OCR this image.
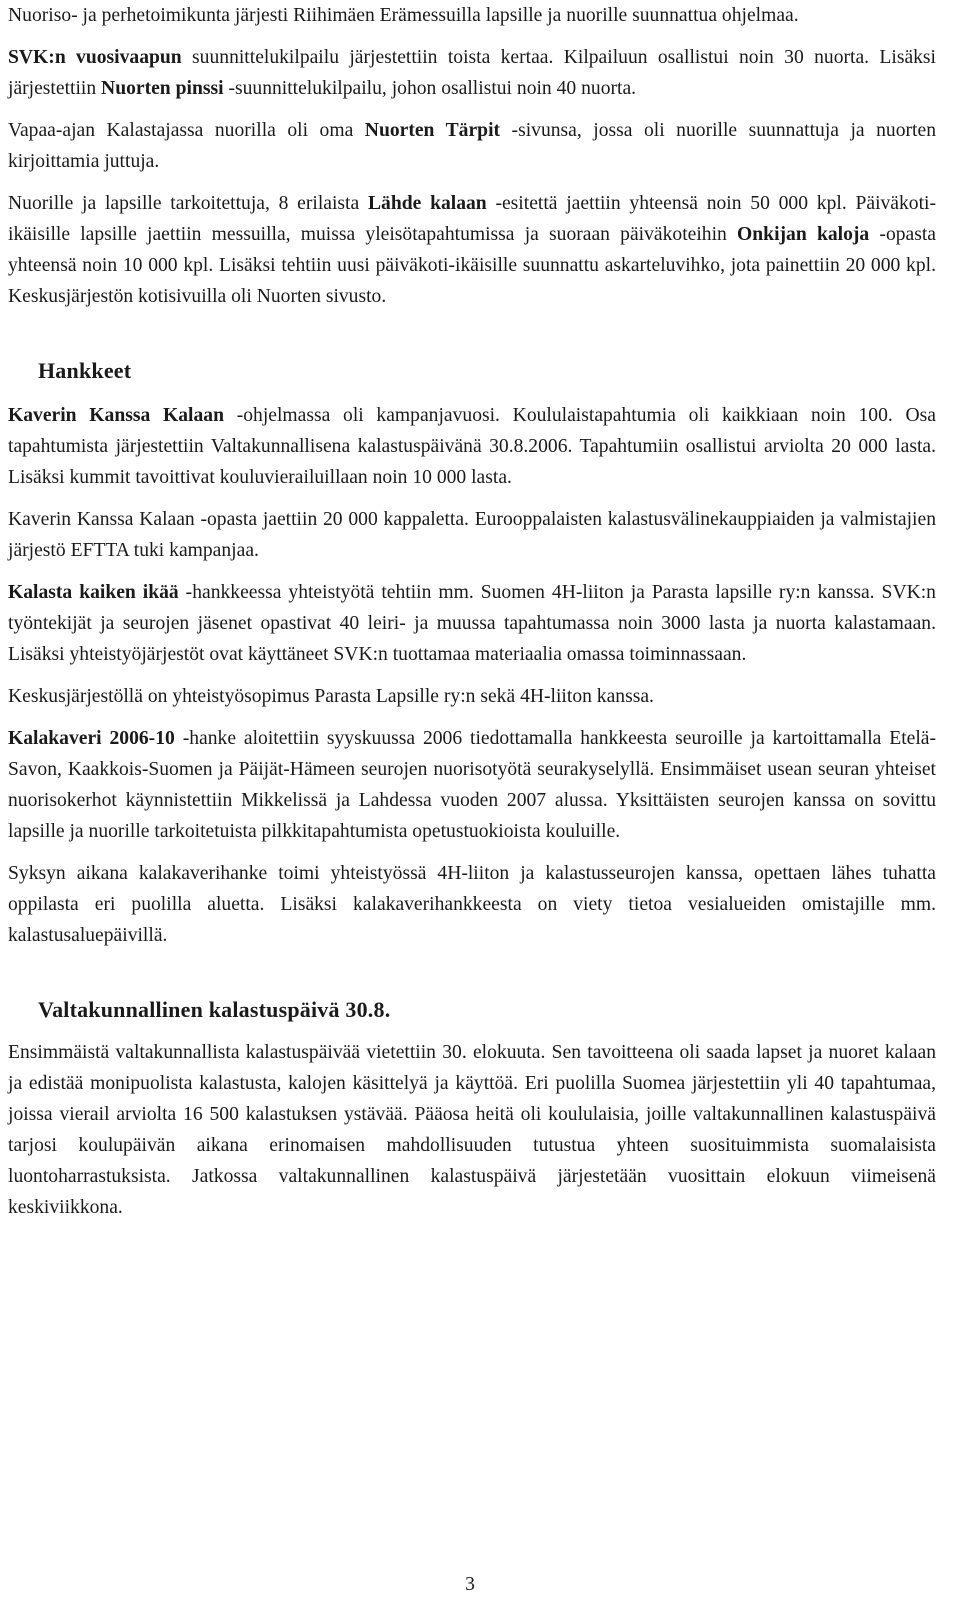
Nuoriso- ja perhetoimikunta järjesti Riihimäen Erämessuilla lapsille ja nuorille suunnattua ohjelmaa.

SVK:n vuosivaapun suunnittelukilpailu järjestettiin toista kertaa. Kilpailuun osallistui noin 30 nuorta. Lisäksi järjestettiin Nuorten pinssi -suunnittelukilpailu, johon osallistui noin 40 nuorta.

Vapaa-ajan Kalastajassa nuorilla oli oma Nuorten Tärpit -sivunsa, jossa oli nuorille suunnattuja ja nuorten kirjoittamia juttuja.

Nuorille ja lapsille tarkoitettuja, 8 erilaista Lähde kalaan -esitettä jaettiin yhteensä noin 50 000 kpl. Päiväkoti-ikäisille lapsille jaettiin messuilla, muissa yleisötapahtumissa ja suoraan päiväkoteihin Onkijan kaloja -opasta yhteensä noin 10 000 kpl. Lisäksi tehtiin uusi päiväkoti-ikäisille suunnattu askarteluvihko, jota painettiin 20 000 kpl. Keskusjärjestön kotisivuilla oli Nuorten sivusto.

Hankkeet

Kaverin Kanssa Kalaan -ohjelmassa oli kampanjavuosi. Koululaistapahtumia oli kaikkiaan noin 100. Osa tapahtumista järjestettiin Valtakunnallisena kalastuspäivänä 30.8.2006. Tapahtumiin osallistui arviolta 20 000 lasta. Lisäksi kummit tavoittivat kouluvierailuillaan noin 10 000 lasta.

Kaverin Kanssa Kalaan -opasta jaettiin 20 000 kappaletta. Eurooppalaisten kalastusvälinekauppiaiden ja valmistajien järjestö EFTTA tuki kampanjaa.

Kalasta kaiken ikää -hankkeessa yhteistyötä tehtiin mm. Suomen 4H-liiton ja Parasta lapsille ry:n kanssa. SVK:n työntekijät ja seurojen jäsenet opastivat 40 leiri- ja muussa tapahtumassa noin 3000 lasta ja nuorta kalastamaan. Lisäksi yhteistyöjärjestöt ovat käyttäneet SVK:n tuottamaa materiaalia omassa toiminnassaan.

Keskusjärjestöllä on yhteistyösopimus Parasta Lapsille ry:n sekä 4H-liiton kanssa.

Kalakaveri 2006-10 -hanke aloitettiin syyskuussa 2006 tiedottamalla hankkeesta seuroille ja kartoittamalla Etelä-Savon, Kaakkois-Suomen ja Päijät-Hämeen seurojen nuorisotyötä seurakyselyllä. Ensimmäiset usean seuran yhteiset nuorisokerhot käynnistettiin Mikkelissä ja Lahdessa vuoden 2007 alussa. Yksittäisten seurojen kanssa on sovittu lapsille ja nuorille tarkoitetuista pilkkitapahtumista opetustuokioista kouluille.

Syksyn aikana kalakaverihanke toimi yhteistyössä 4H-liiton ja kalastusseurojen kanssa, opettaen lähes tuhatta oppilasta eri puolilla aluetta. Lisäksi kalakaverihankkeesta on viety tietoa vesialueiden omistajille mm. kalastusaluepäivillä.

Valtakunnallinen kalastuspäivä 30.8.

Ensimmäistä valtakunnallista kalastuspäivää vietettiin 30. elokuuta. Sen tavoitteena oli saada lapset ja nuoret kalaan ja edistää monipuolista kalastusta, kalojen käsittelyä ja käyttöä. Eri puolilla Suomea järjestettiin yli 40 tapahtumaa, joissa vierail arviolta 16 500 kalastuksen ystävää. Pääosa heitä oli koululaisia, joille valtakunnallinen kalastuspäivä tarjosi koulupäivän aikana erinomaisen mahdollisuuden tutustua yhteen suosituimmista suomalaisista luontoharrastuksista. Jatkossa valtakunnallinen kalastuspäivä järjestetään vuosittain elokuun viimeisenä keskiviikkona.

3
